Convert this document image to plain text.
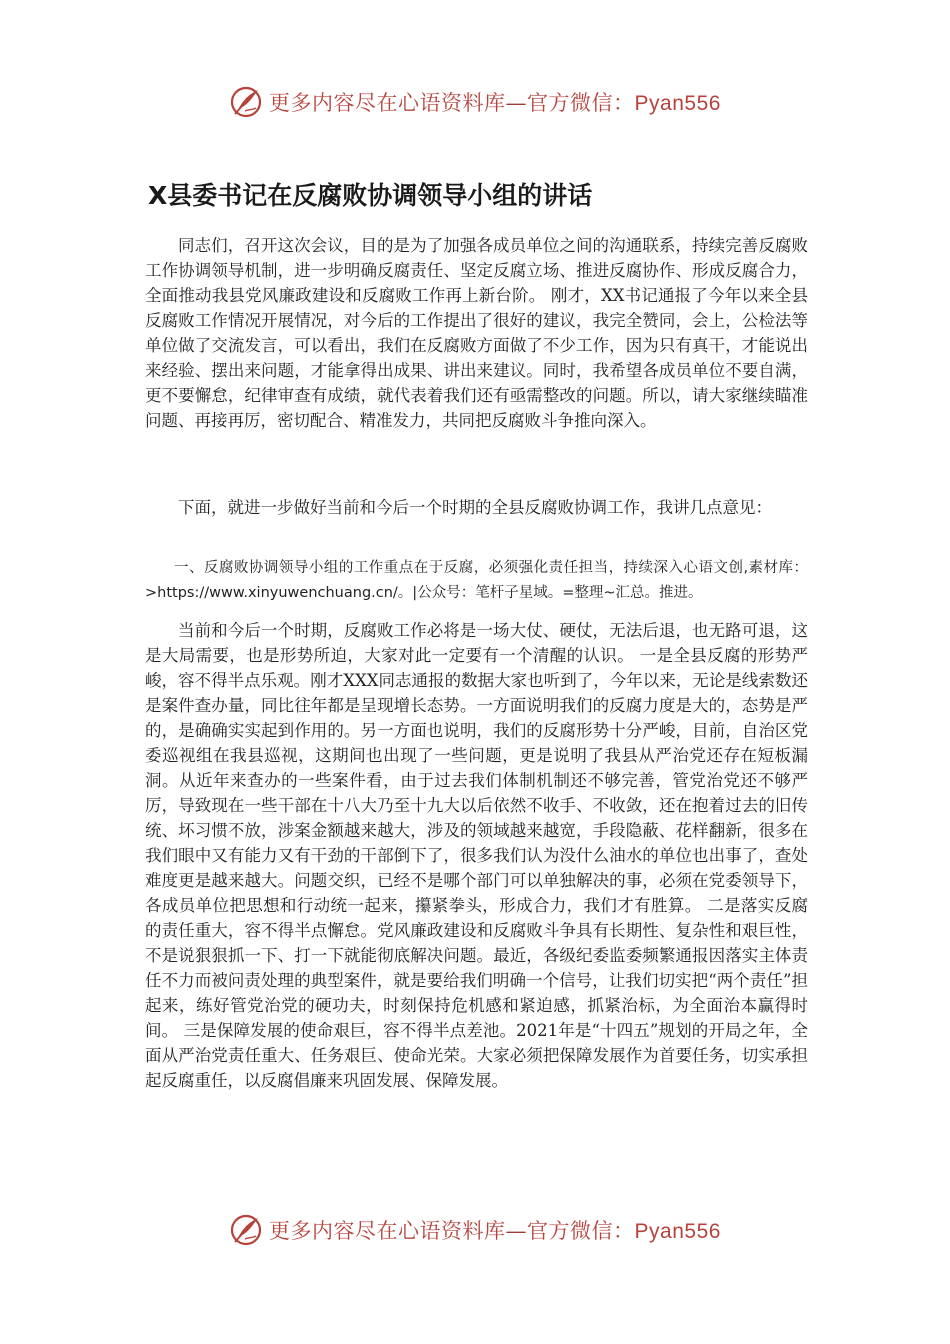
更多内容尽在心语资料库—官方微信：Pyan556
X县委书记在反腐败协调领导小组的讲话

同志们，召开这次会议，目的是为了加强各成员单位之间的沟通联系，持续完善反腐败工作协调领导机制，进一步明确反腐责任、坚定反腐立场、推进反腐协作、形成反腐合力，全面推动我县党风廉政建设和反腐败工作再上新台阶。 刚才，XX书记通报了今年以来全县反腐败工作情况开展情况，对今后的工作提出了很好的建议，我完全赞同，会上，公检法等单位做了交流发言，可以看出，我们在反腐败方面做了不少工作，因为只有真干，才能说出来经验、摆出来问题，才能拿得出成果、讲出来建议。同时，我希望各成员单位不要自满，更不要懈怠，纪律审查有成绩，就代表着我们还有亟需整改的问题。所以，请大家继续瞄准问题、再接再厉，密切配合、精准发力，共同把反腐败斗争推向深入。

下面，就进一步做好当前和今后一个时期的全县反腐败协调工作，我讲几点意见：

一、反腐败协调领导小组的工作重点在于反腐，必须强化责任担当，持续深入心语文创,素材库：>https://www.xinyuwenchuang.cn/。|公众号：笔杆子星域。=整理~汇总。推进。

当前和今后一个时期，反腐败工作必将是一场大仗、硬仗，无法后退，也无路可退，这是大局需要，也是形势所迫，大家对此一定要有一个清醒的认识。 一是全县反腐的形势严峻，容不得半点乐观。刚才XXX同志通报的数据大家也听到了，今年以来，无论是线索数还是案件查办量，同比往年都是呈现增长态势。一方面说明我们的反腐力度是大的，态势是严的，是确确实实起到作用的。另一方面也说明，我们的反腐形势十分严峻，目前，自治区党委巡视组在我县巡视，这期间也出现了一些问题，更是说明了我县从严治党还存在短板漏洞。从近年来查办的一些案件看，由于过去我们体制机制还不够完善，管党治党还不够严厉，导致现在一些干部在十八大乃至十九大以后依然不收手、不收敛，还在抱着过去的旧传统、坏习惯不放，涉案金额越来越大，涉及的领域越来越宽，手段隐蔽、花样翻新，很多在我们眼中又有能力又有干劲的干部倒下了，很多我们认为没什么油水的单位也出事了，查处难度更是越来越大。问题交织，已经不是哪个部门可以单独解决的事，必须在党委领导下，各成员单位把思想和行动统一起来，攥紧拳头，形成合力，我们才有胜算。 二是落实反腐的责任重大，容不得半点懈怠。党风廉政建设和反腐败斗争具有长期性、复杂性和艰巨性，不是说狠狠抓一下、打一下就能彻底解决问题。最近，各级纪委监委频繁通报因落实主体责任不力而被问责处理的典型案件，就是要给我们明确一个信号，让我们切实把“两个责任”担起来，练好管党治党的硬功夫，时刻保持危机感和紧迫感，抓紧治标，为全面治本赢得时间。 三是保障发展的使命艰巨，容不得半点差池。2021年是“十四五”规划的开局之年，全面从严治党责任重大、任务艰巨、使命光荣。大家必须把保障发展作为首要任务，切实承担起反腐重任，以反腐倡廉来巩固发展、保障发展。

更多内容尽在心语资料库—官方微信：Pyan556
